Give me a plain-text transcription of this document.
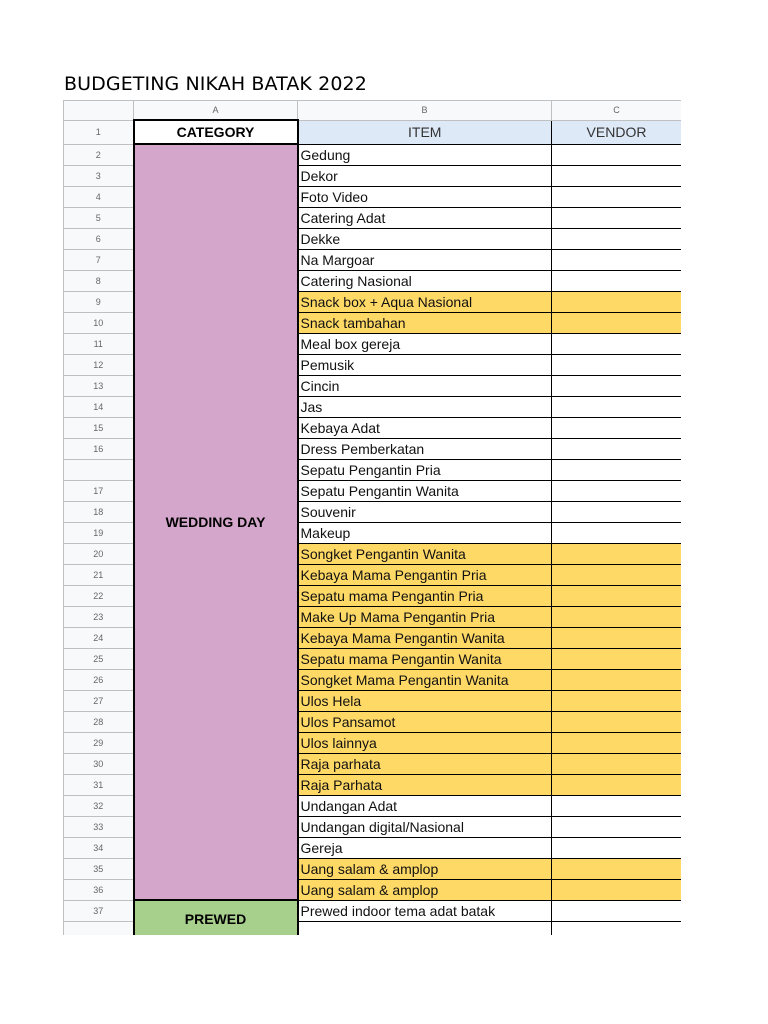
BUDGETING NIKAH BATAK 2022
	A	B	C
1	CATEGORY	ITEM	VENDOR
2	WEDDING DAY	Gedung	
3		Dekor	
4		Foto Video	
5		Catering Adat	
6		Dekke	
7		Na Margoar	
8		Catering Nasional	
9		Snack box + Aqua Nasional	
10		Snack tambahan	
11		Meal box gereja	
12		Pemusik	
13		Cincin	
14		Jas	
15		Kebaya Adat	
16		Dress Pemberkatan	
		Sepatu Pengantin Pria	
17		Sepatu Pengantin Wanita	
18		Souvenir	
19		Makeup	
20		Songket Pengantin Wanita	
21		Kebaya Mama Pengantin Pria	
22		Sepatu mama Pengantin Pria	
23		Make Up Mama Pengantin Pria	
24		Kebaya Mama Pengantin Wanita	
25		Sepatu mama Pengantin Wanita	
26		Songket Mama Pengantin Wanita	
27		Ulos Hela	
28		Ulos Pansamot	
29		Ulos lainnya	
30		Raja parhata	
31		Raja Parhata	
32		Undangan Adat	
33		Undangan digital/Nasional	
34		Gereja	
35		Uang salam & amplop	
36		Uang salam & amplop	
37	PREWED	Prewed indoor tema adat batak	
